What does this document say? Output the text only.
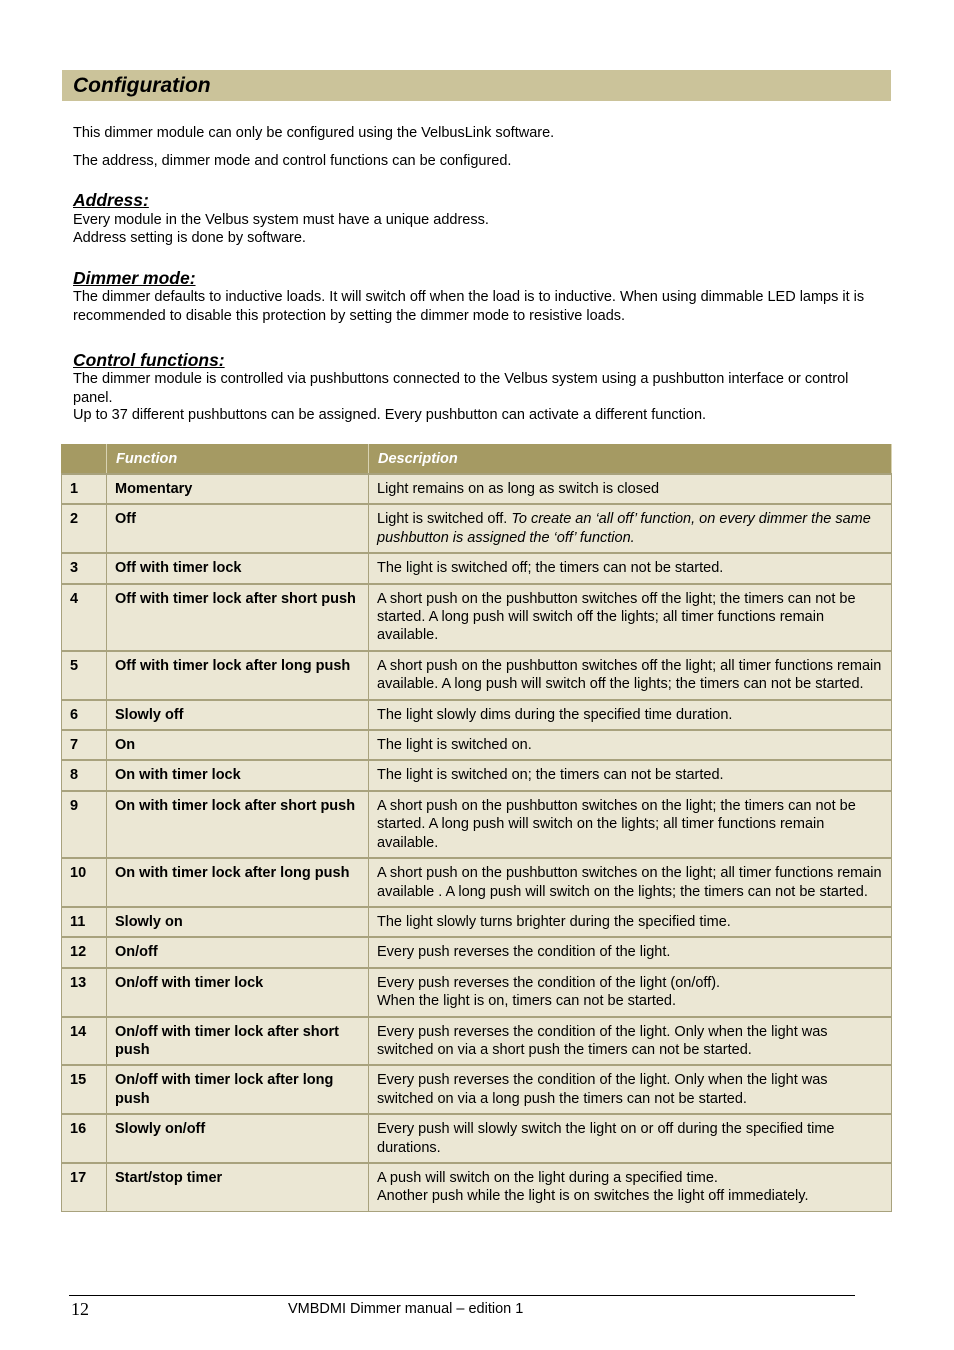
Configuration

This dimmer module can only be configured using the VelbusLink software.

The address, dimmer mode and control functions can be configured.

Address:

Every module in the Velbus system must have a unique address.

Address setting is done by software.

Dimmer mode:

The dimmer defaults to inductive loads. It will switch off when the load is to inductive. When using dimmable LED lamps it is recommended to disable this protection by setting the dimmer mode to resistive loads.

Control functions:

The dimmer module is controlled via pushbuttons connected to the Velbus system using a pushbutton interface or control panel.

Up to 37 different pushbuttons can be assigned. Every pushbutton can activate a different function.

	Function	Description
1	Momentary	Light remains on as long as switch is closed
2	Off	Light is switched off. To create an ‘all off’ function, on every dimmer the same pushbutton is assigned the ‘off’ function.
3	Off with timer lock	The light is switched off; the timers can not be started.
4	Off with timer lock after short push	A short push on the pushbutton switches off the light; the timers can not be started. A long push will switch off the lights; all timer functions remain available.
5	Off with timer lock after long push	A short push on the pushbutton switches off the light; all timer functions remain available. A long push will switch off the lights; the timers can not be started.
6	Slowly off	The light slowly dims during the specified time duration.
7	On	The light is switched on.
8	On with timer lock	The light is switched on; the timers can not be started.
9	On with timer lock after short push	A short push on the pushbutton switches on the light; the timers can not be started. A long push will switch on the lights; all timer functions remain available.
10	On with timer lock after long push	A short push on the pushbutton switches on the light; all timer functions remain available . A long push will switch on the lights; the timers can not be started.
11	Slowly on	The light slowly turns brighter during the specified time.
12	On/off	Every push reverses the condition of the light.
13	On/off with timer lock	Every push reverses the condition of the light (on/off).
When the light is on, timers can not be started.
14	On/off with timer lock after short push	Every push reverses the condition of the light. Only when the light was switched on via a short push the timers can not be started.
15	On/off with timer lock after long push	Every push reverses the condition of the light. Only when the light was switched on via a long push the timers can not be started.
16	Slowly on/off	Every push will slowly switch the light on or off during the specified time durations.
17	Start/stop timer	A push will switch on the light during a specified time.
Another push while the light is on switches the light off immediately.
12	VMBDMI Dimmer manual – edition 1
